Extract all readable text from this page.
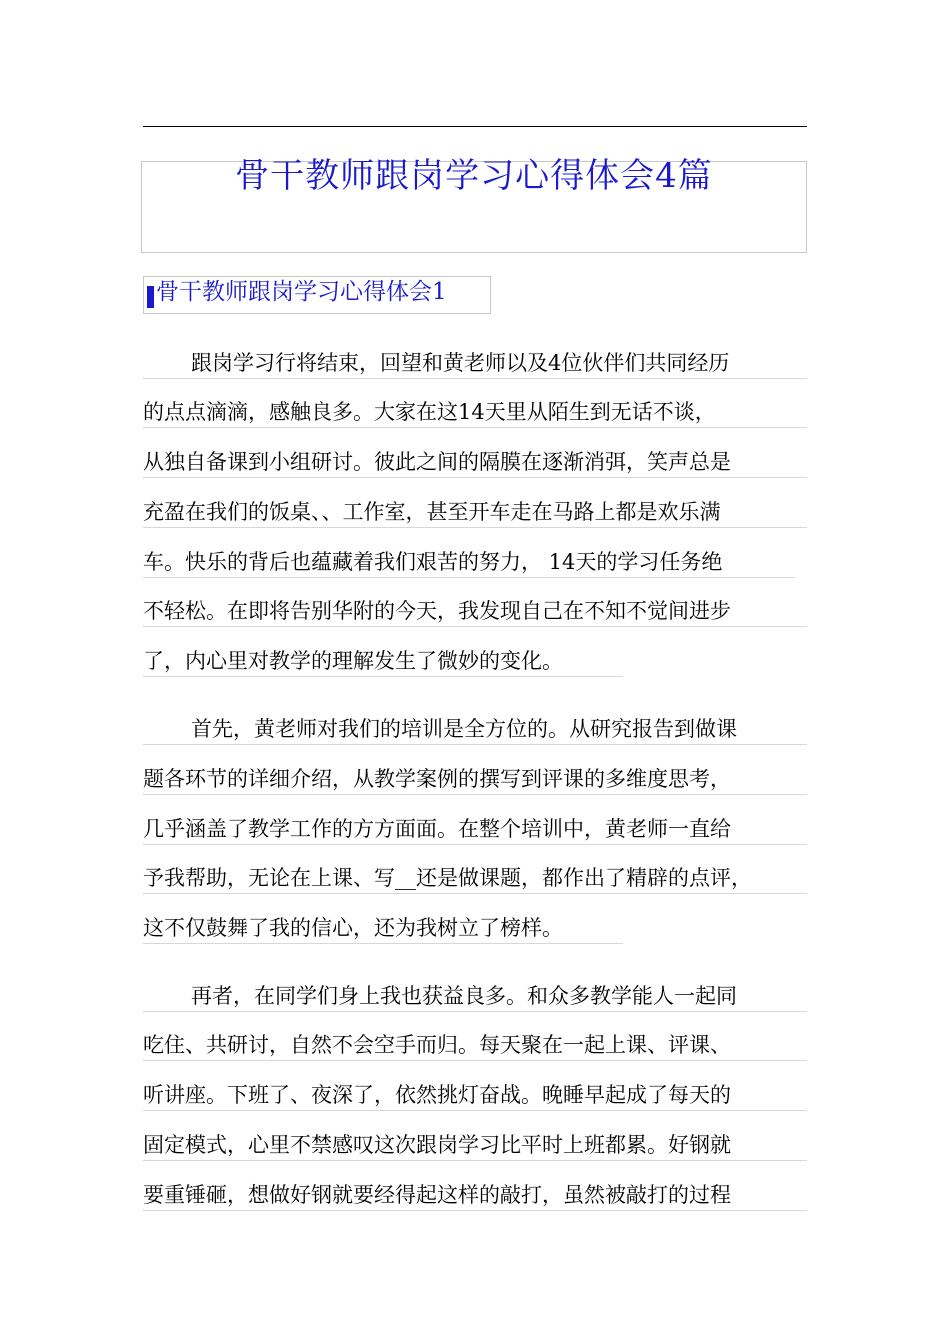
骨干教师跟岗学习心得体会4篇
骨干教师跟岗学习心得体会1
跟岗学习行将结束，回望和黄老师以及4位伙伴们共同经历
的点点滴滴，感触良多。大家在这14天里从陌生到无话不谈，
从独自备课到小组研讨。彼此之间的隔膜在逐渐消弭，笑声总是
充盈在我们的饭桌、、工作室，甚至开车走在马路上都是欢乐满
车。快乐的背后也蕴藏着我们艰苦的努力， 14天的学习任务绝
不轻松。在即将告别华附的今天，我发现自己在不知不觉间进步
了，内心里对教学的理解发生了微妙的变化。
首先，黄老师对我们的培训是全方位的。从研究报告到做课
题各环节的详细介绍，从教学案例的撰写到评课的多维度思考，
几乎涵盖了教学工作的方方面面。在整个培训中，黄老师一直给
予我帮助，无论在上课、写__还是做课题，都作出了精辟的点评，
这不仅鼓舞了我的信心，还为我树立了榜样。
再者，在同学们身上我也获益良多。和众多教学能人一起同
吃住、共研讨，自然不会空手而归。每天聚在一起上课、评课、
听讲座。下班了、夜深了，依然挑灯奋战。晚睡早起成了每天的
固定模式，心里不禁感叹这次跟岗学习比平时上班都累。好钢就
要重锤砸，想做好钢就要经得起这样的敲打，虽然被敲打的过程
